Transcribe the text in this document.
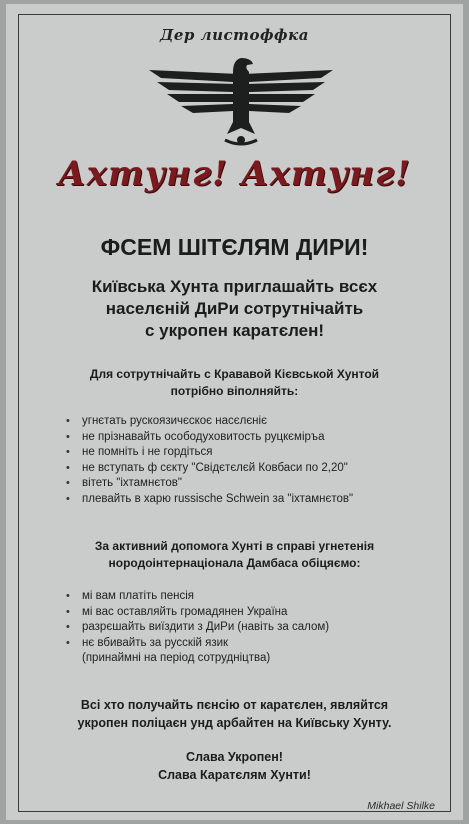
Дер листоффка
Ахтунг! Ахтунг!
ФСЕМ ШІТЄЛЯМ ДИРИ!
Київська Хунта приглашайть всєх
населєній ДиРи сотрутнічайть
с укропен каратєлен!
Для сотрутнічайть с Крававой Кієвськой Хунтой
потрібно віполняйть:
• угнєтать рускоязичєскоє насєлєніє
• не прізнавайть осободуховитость руцкєміръа
• не помніть і не гордіться
• не вступать ф сєкту "Свідєтєлєй Ковбаси по 2,20"
• вітеть "іхтамнєтов"
• плевайть в харю russische Schwein за "іхтамнєтов"
За активний допомога Хунті в справі угнетенія
нородоінтернаціонала Дамбаса обіцяємо:
• мі вам платіть пенсія
• мі вас оставляйть громадянен Україна
• разрєшайть виїздити з ДиРи (навіть за салом)
• нє вбивайть за русскій язик
(принаймні на період сотрудніцтва)
Всі хто получайть пєнсію от каратєлен, являйтся
укропен поліцаєн унд арбайтен на Київську Хунту.
Слава Укропен!
Слава Каратєлям Хунти!
Mikhael Shilke
